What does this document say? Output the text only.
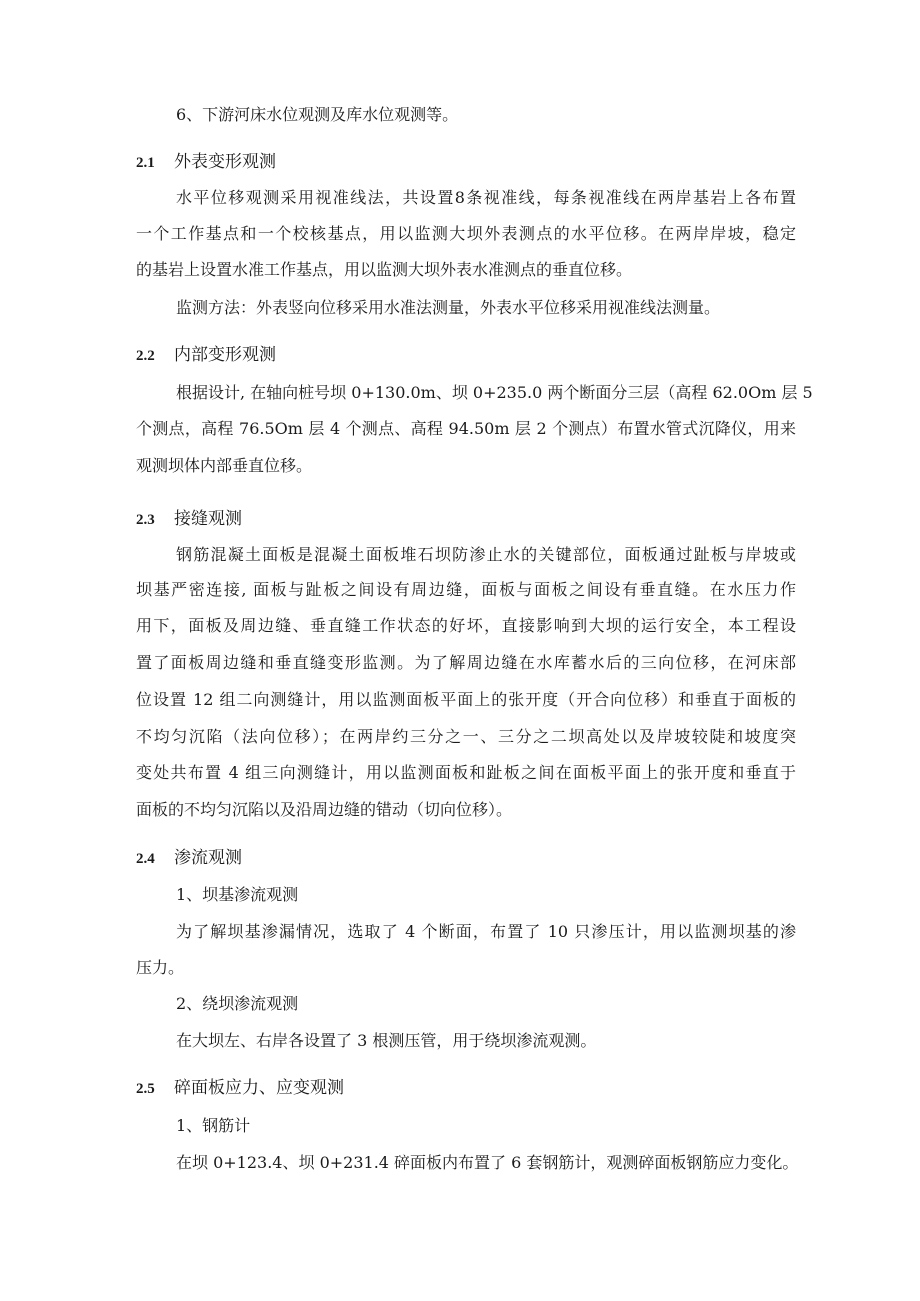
6、下游河床水位观测及库水位观测等。
2.1 外表变形观测
水平位移观测采用视准线法，共设置8条视准线，每条视准线在两岸基岩上各布置
一个工作基点和一个校核基点，用以监测大坝外表测点的水平位移。在两岸岸坡，稳定
的基岩上设置水准工作基点，用以监测大坝外表水准测点的垂直位移。
监测方法：外表竖向位移采用水准法测量，外表水平位移采用视准线法测量。
2.2 内部变形观测
根据设计, 在轴向桩号坝 0+130.0m、坝 0+235.0 两个断面分三层（高程 62.0Om 层 5
个测点，高程 76.5Om 层 4 个测点、高程 94.50m 层 2 个测点）布置水管式沉降仪，用来
观测坝体内部垂直位移。
2.3 接缝观测
钢筋混凝土面板是混凝土面板堆石坝防渗止水的关键部位，面板通过趾板与岸坡或
坝基严密连接, 面板与趾板之间设有周边缝，面板与面板之间设有垂直缝。在水压力作
用下，面板及周边缝、垂直缝工作状态的好坏，直接影响到大坝的运行安全，本工程设
置了面板周边缝和垂直缝变形监测。为了解周边缝在水库蓄水后的三向位移，在河床部
位设置 12 组二向测缝计，用以监测面板平面上的张开度（开合向位移）和垂直于面板的
不均匀沉陷（法向位移）；在两岸约三分之一、三分之二坝高处以及岸坡较陡和坡度突
变处共布置 4 组三向测缝计，用以监测面板和趾板之间在面板平面上的张开度和垂直于
面板的不均匀沉陷以及沿周边缝的错动（切向位移）。
2.4 渗流观测
1、坝基渗流观测
为了解坝基渗漏情况，选取了 4 个断面，布置了 10 只渗压计，用以监测坝基的渗
压力。
2、绕坝渗流观测
在大坝左、右岸各设置了 3 根测压管，用于绕坝渗流观测。
2.5 碎面板应力、应变观测
1、钢筋计
在坝 0+123.4、坝 0+231.4 碎面板内布置了 6 套钢筋计，观测碎面板钢筋应力变化。
